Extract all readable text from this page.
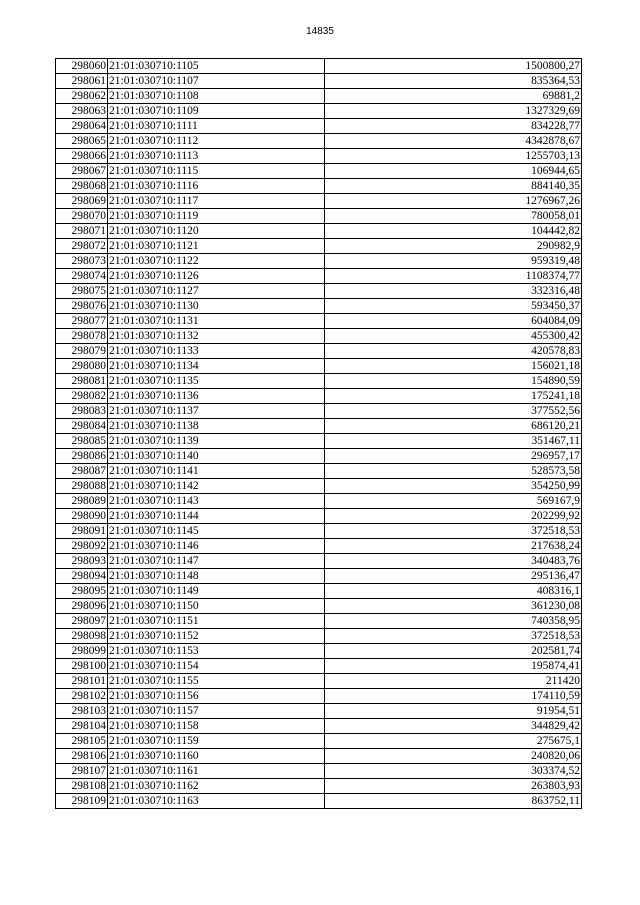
14835
298060	21:01:030710:1105	1500800,27
298061	21:01:030710:1107	835364,53
298062	21:01:030710:1108	69881,2
298063	21:01:030710:1109	1327329,69
298064	21:01:030710:1111	834228,77
298065	21:01:030710:1112	4342878,67
298066	21:01:030710:1113	1255703,13
298067	21:01:030710:1115	106944,65
298068	21:01:030710:1116	884140,35
298069	21:01:030710:1117	1276967,26
298070	21:01:030710:1119	780058,01
298071	21:01:030710:1120	104442,82
298072	21:01:030710:1121	290982,9
298073	21:01:030710:1122	959319,48
298074	21:01:030710:1126	1108374,77
298075	21:01:030710:1127	332316,48
298076	21:01:030710:1130	593450,37
298077	21:01:030710:1131	604084,09
298078	21:01:030710:1132	455300,42
298079	21:01:030710:1133	420578,83
298080	21:01:030710:1134	156021,18
298081	21:01:030710:1135	154890,59
298082	21:01:030710:1136	175241,18
298083	21:01:030710:1137	377552,56
298084	21:01:030710:1138	686120,21
298085	21:01:030710:1139	351467,11
298086	21:01:030710:1140	296957,17
298087	21:01:030710:1141	528573,58
298088	21:01:030710:1142	354250,99
298089	21:01:030710:1143	569167,9
298090	21:01:030710:1144	202299,92
298091	21:01:030710:1145	372518,53
298092	21:01:030710:1146	217638,24
298093	21:01:030710:1147	340483,76
298094	21:01:030710:1148	295136,47
298095	21:01:030710:1149	408316,1
298096	21:01:030710:1150	361230,08
298097	21:01:030710:1151	740358,95
298098	21:01:030710:1152	372518,53
298099	21:01:030710:1153	202581,74
298100	21:01:030710:1154	195874,41
298101	21:01:030710:1155	211420
298102	21:01:030710:1156	174110,59
298103	21:01:030710:1157	91954,51
298104	21:01:030710:1158	344829,42
298105	21:01:030710:1159	275675,1
298106	21:01:030710:1160	240820,06
298107	21:01:030710:1161	303374,52
298108	21:01:030710:1162	263803,93
298109	21:01:030710:1163	863752,11
